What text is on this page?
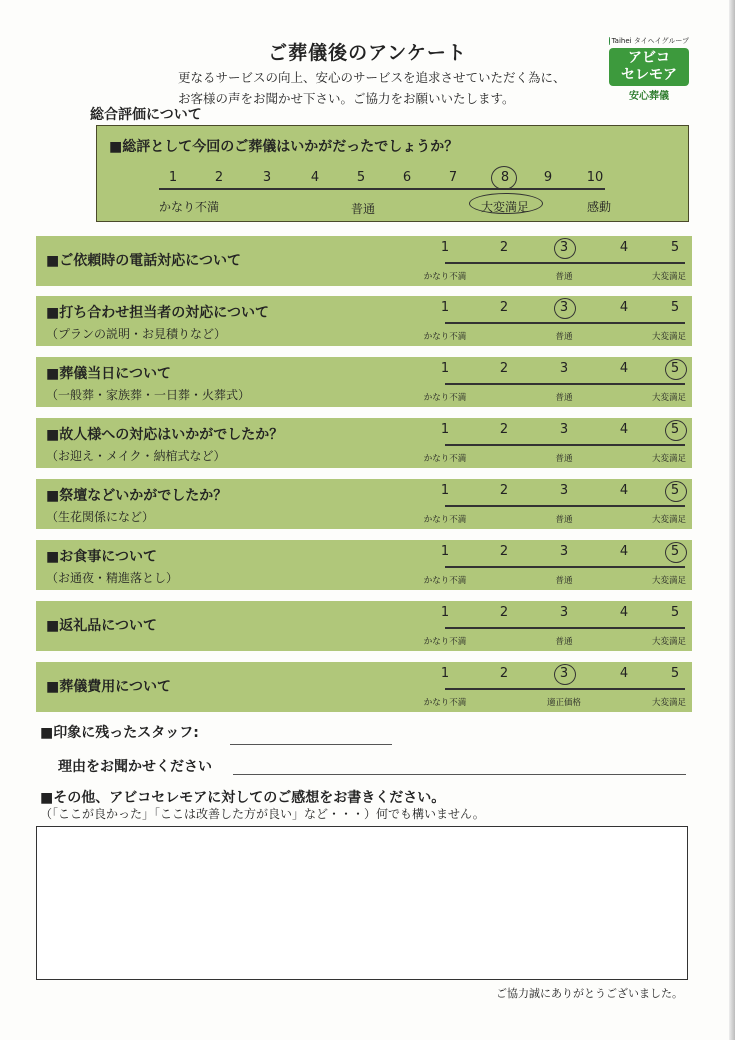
ご葬儀後のアンケート
更なるサービスの向上、安心のサービスを追求させていただく為に、
お客様の声をお聞かせ下さい。ご協力をお願いいたします。
Taihei タイヘイグループ
アビコ
セレモア
安心葬儀
総合評価について
■総評として今回のご葬儀はいかがだったでしょうか？
1	2	3	4	5	6	7	8	9	10
かなり不満	普通	大変満足	感動
■ご依頼時の電話対応について
1	2	3	4	5
かなり不満	普通	大変満足
■打ち合わせ担当者の対応について
（プランの説明・お見積りなど）
1	2	3	4	5
かなり不満	普通	大変満足
■葬儀当日について
（一般葬・家族葬・一日葬・火葬式）
1	2	3	4	5
かなり不満	普通	大変満足
■故人様への対応はいかがでしたか？
（お迎え・メイク・納棺式など）
1	2	3	4	5
かなり不満	普通	大変満足
■祭壇などいかがでしたか？
（生花関係になど）
1	2	3	4	5
かなり不満	普通	大変満足
■お食事について
（お通夜・精進落とし）
1	2	3	4	5
かなり不満	普通	大変満足
■返礼品について
1	2	3	4	5
かなり不満	普通	大変満足
■葬儀費用について
1	2	3	4	5
かなり不満	適正価格	大変満足
■印象に残ったスタッフ:
理由をお聞かせください
■その他、アビコセレモアに対してのご感想をお書きください。
（「ここが良かった」「ここは改善した方が良い」など・・・）何でも構いません。
ご協力誠にありがとうございました。
